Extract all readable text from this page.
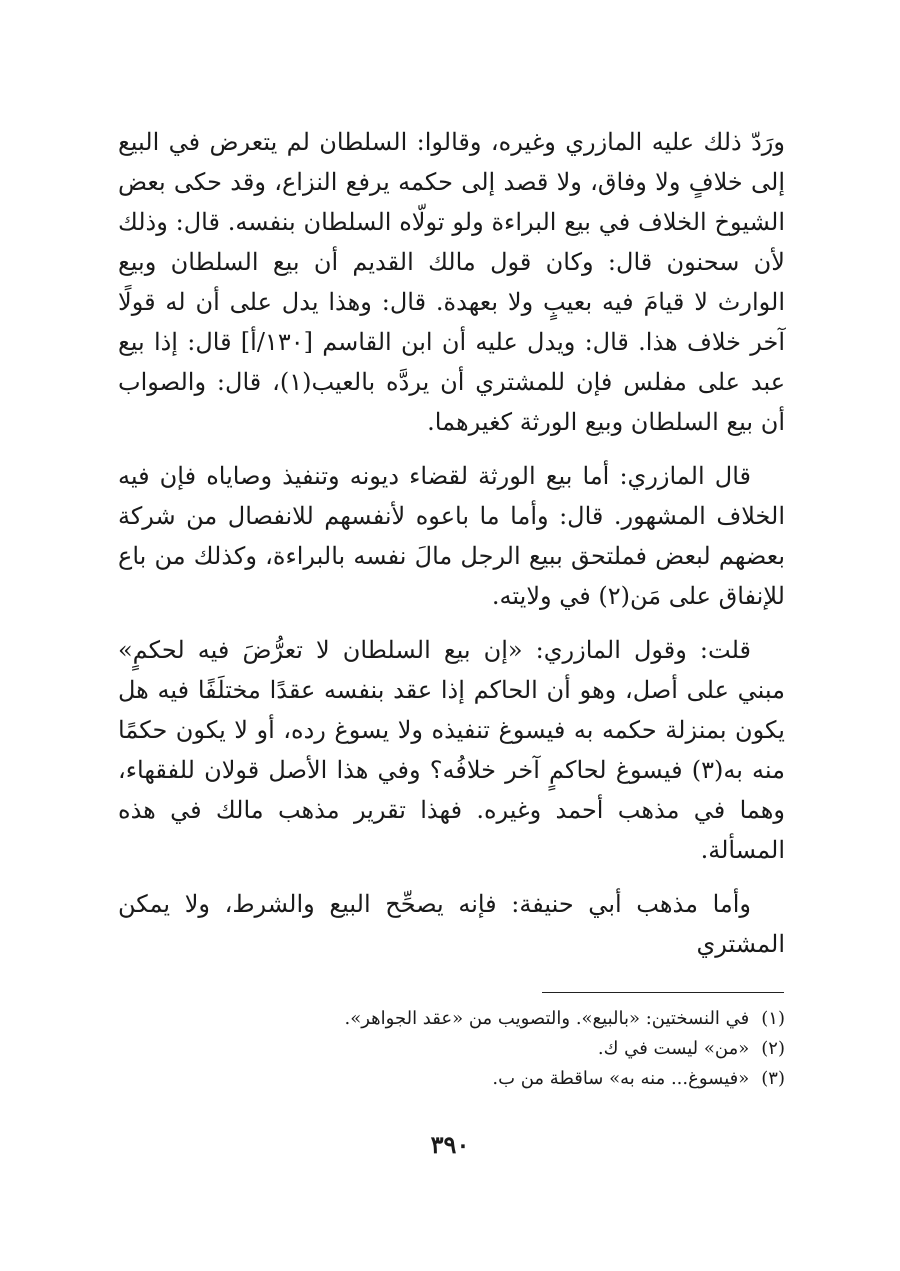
ورَدّ ذلك عليه المازري وغيره، وقالوا: السلطان لم يتعرض في البيع إلى خلافٍ ولا وفاق، ولا قصد إلى حكمه يرفع النزاع، وقد حكى بعض الشيوخ الخلاف في بيع البراءة ولو تولّاه السلطان بنفسه. قال: وذلك لأن سحنون قال: وكان قول مالك القديم أن بيع السلطان وبيع الوارث لا قيامَ فيه بعيبٍ ولا بعهدة. قال: وهذا يدل على أن له قولًا آخر خلاف هذا. قال: ويدل عليه أن ابن القاسم [١٣٠/أ] قال: إذا بيع عبد على مفلس فإن للمشتري أن يردَّه بالعيب(١)، قال: والصواب أن بيع السلطان وبيع الورثة كغيرهما.

قال المازري: أما بيع الورثة لقضاء ديونه وتنفيذ وصاياه فإن فيه الخلاف المشهور. قال: وأما ما باعوه لأنفسهم للانفصال من شركة بعضهم لبعض فملتحق ببيع الرجل مالَ نفسه بالبراءة، وكذلك من باع للإنفاق على مَن(٢) في ولايته.

قلت: وقول المازري: «إن بيع السلطان لا تعرُّضَ فيه لحكمٍ» مبني على أصل، وهو أن الحاكم إذا عقد بنفسه عقدًا مختلَفًا فيه هل يكون بمنزلة حكمه به فيسوغ تنفيذه ولا يسوغ رده، أو لا يكون حكمًا منه به(٣) فيسوغ لحاكمٍ آخر خلافُه؟ وفي هذا الأصل قولان للفقهاء، وهما في مذهب أحمد وغيره. فهذا تقرير مذهب مالك في هذه المسألة.

وأما مذهب أبي حنيفة: فإنه يصحِّح البيع والشرط، ولا يمكن المشتري

(١)في النسختين: «بالبيع». والتصويب من «عقد الجواهر».

(٢)«من» ليست في ك.

(٣)«فيسوغ... منه به» ساقطة من ب.

٣٩٠
